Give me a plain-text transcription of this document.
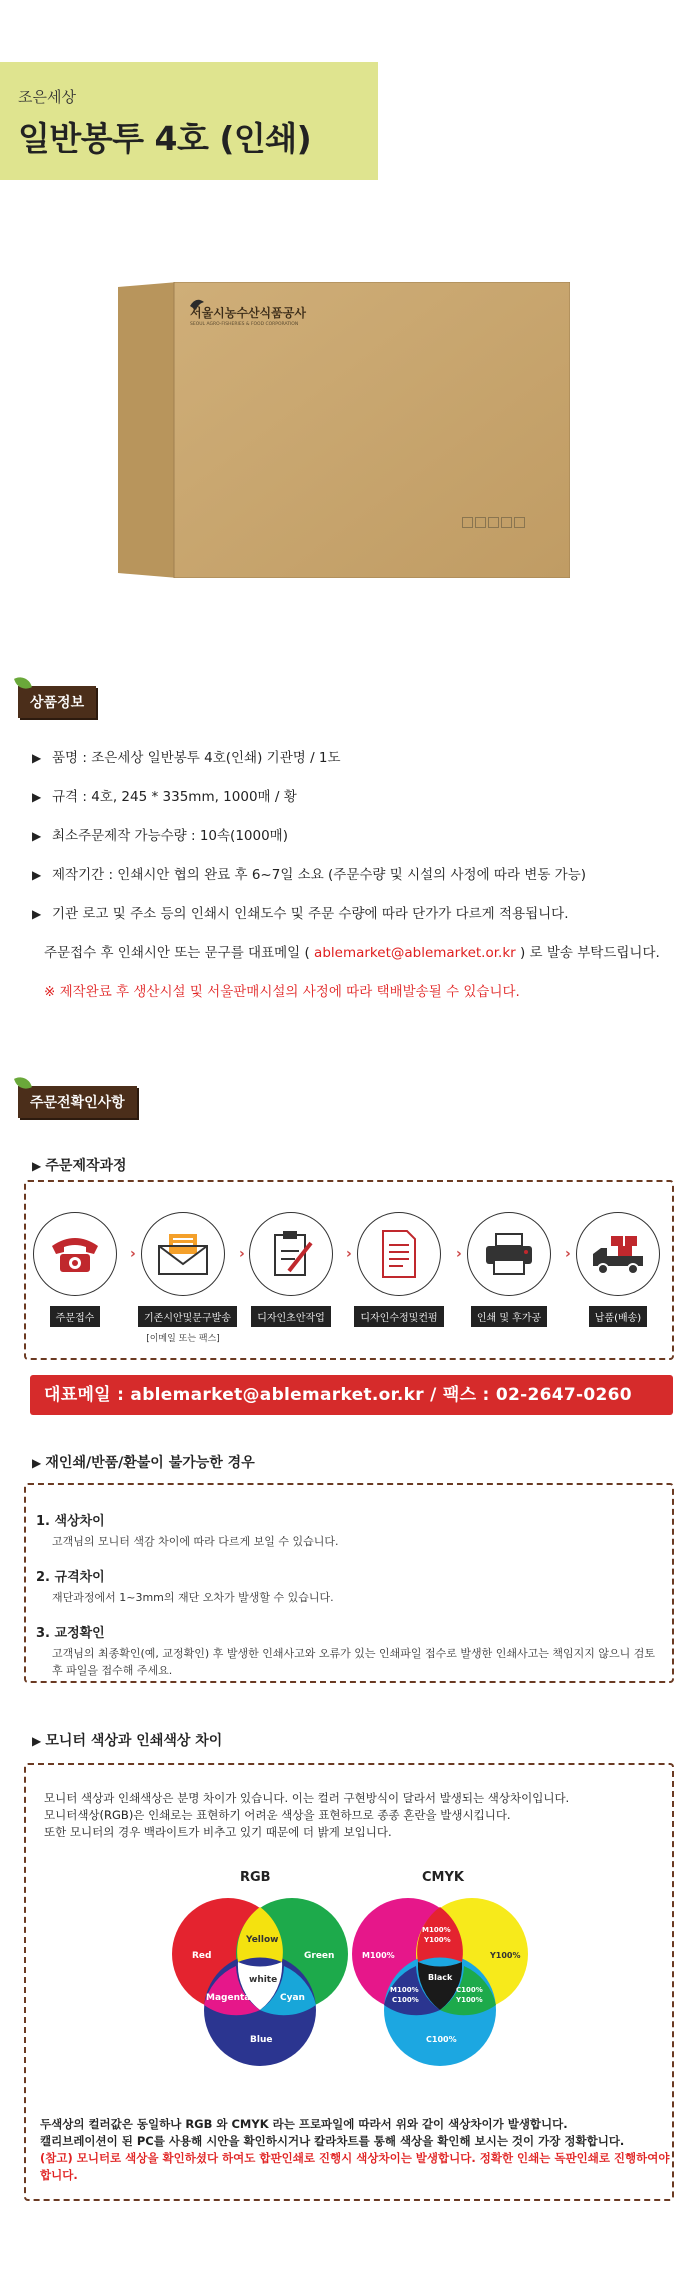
조은세상
일반봉투 4호 (인쇄)
서울시농수산식품공사
SEOUL AGRO-FISHERIES & FOOD CORPORATION
상품정보
▶ 품명 : 조은세상 일반봉투 4호(인쇄) 기관명 / 1도
▶ 규격 : 4호, 245 * 335mm, 1000매 / 황
▶ 최소주문제작 가능수량 : 10속(1000매)
▶ 제작기간 : 인쇄시안 협의 완료 후 6~7일 소요 (주문수량 및 시설의 사정에 따라 변동 가능)
▶ 기관 로고 및 주소 등의 인쇄시 인쇄도수 및 주문 수량에 따라 단가가 다르게 적용됩니다.
주문접수 후 인쇄시안 또는 문구를 대표메일 ( ablemarket@ablemarket.or.kr ) 로 발송 부탁드립니다.
※ 제작완료 후 생산시설 및 서울판매시설의 사정에 따라 택배발송될 수 있습니다.
주문전확인사항
▶ 주문제작과정
주문접수
›
기존시안및문구발송
[이메일 또는 팩스]
›
디자인초안작업
›
디자인수정및컨펌
›
인쇄 및 후가공
›
납품(배송)
대표메일 : ablemarket@ablemarket.or.kr / 팩스 : 02-2647-0260
▶ 재인쇄/반품/환불이 불가능한 경우
1. 색상차이
고객님의 모니터 색감 차이에 따라 다르게 보일 수 있습니다.
2. 규격차이
재단과정에서 1~3mm의 재단 오차가 발생할 수 있습니다.
3. 교정확인
고객님의 최종확인(예, 교정확인) 후 발생한 인쇄사고와 오류가 있는 인쇄파일 접수로 발생한 인쇄사고는 책임지지 않으니 검토 후 파일을 접수해 주세요.
▶ 모니터 색상과 인쇄색상 차이
모니터 색상과 인쇄색상은 분명 차이가 있습니다. 이는 컬러 구현방식이 달라서 발생되는 색상차이입니다.
모니터색상(RGB)은 인쇄로는 표현하기 어려운 색상을 표현하므로 종종 혼란을 발생시킵니다.
또한 모니터의 경우 백라이트가 비추고 있기 때문에 더 밝게 보입니다.
RGB	CMYK
Red	Green
Yellow
white
Magenta	Cyan
Blue
M100%	Y100%
M100%
Y100%
Black
M100%
C100%
C100%
Y100%
C100%
두색상의 컬러값은 동일하나 RGB 와 CMYK 라는 프로파일에 따라서 위와 같이 색상차이가 발생합니다.
캘리브레이션이 된 PC를 사용해 시안을 확인하시거나 칼라차트를 통해 색상을 확인해 보시는 것이 가장 정확합니다.
(참고) 모니터로 색상을 확인하셨다 하여도 합판인쇄로 진행시 색상차이는 발생합니다. 정확한 인쇄는 독판인쇄로 진행하여야 합니다.
